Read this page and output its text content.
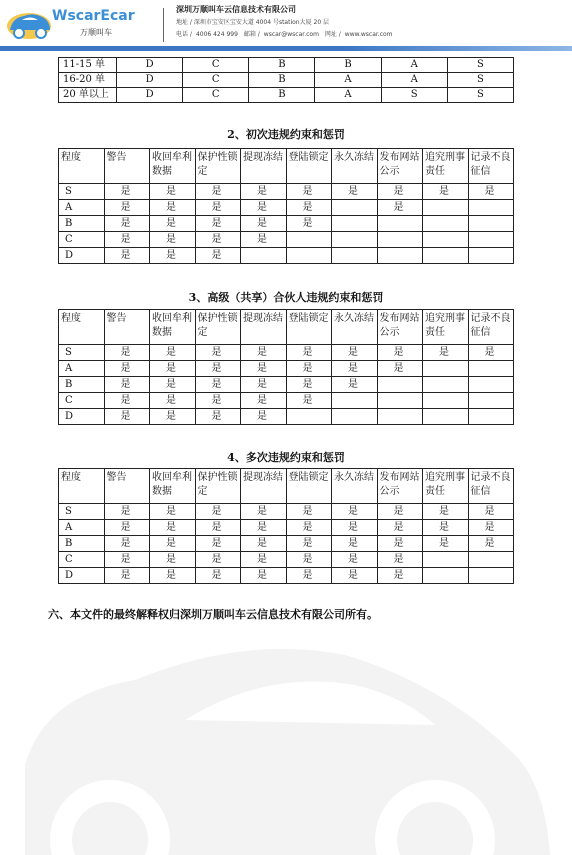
WscarEcar
万顺叫车
深圳万顺叫车云信息技术有限公司
地址 / 深圳市宝安区宝安大道 4004 号station大厦 20 层
电话 / 4006 424 999 邮箱 / wscar@wscar.com 网址 / www.wscar.com
11-15 单	D	C	B	B	A	S
16-20 单	D	C	B	A	A	S
20 单以上	D	C	B	A	S	S
2、初次违规约束和惩罚
程度	警告	收回牟利数据	保护性锁定	提现冻结	登陆锁定	永久冻结	发布网站公示	追究刑事责任	记录不良征信
S	是	是	是	是	是	是	是	是	是
A	是	是	是	是	是		是		
B	是	是	是	是	是				
C	是	是	是	是					
D	是	是	是						
3、高级（共享）合伙人违规约束和惩罚
程度	警告	收回牟利数据	保护性锁定	提现冻结	登陆锁定	永久冻结	发布网站公示	追究刑事责任	记录不良征信
S	是	是	是	是	是	是	是	是	是
A	是	是	是	是	是	是	是		
B	是	是	是	是	是	是			
C	是	是	是	是	是				
D	是	是	是	是					
4、多次违规约束和惩罚
程度	警告	收回牟利数据	保护性锁定	提现冻结	登陆锁定	永久冻结	发布网站公示	追究刑事责任	记录不良征信
S	是	是	是	是	是	是	是	是	是
A	是	是	是	是	是	是	是	是	是
B	是	是	是	是	是	是	是	是	是
C	是	是	是	是	是	是	是		
D	是	是	是	是	是	是	是		
六、本文件的最终解释权归深圳万顺叫车云信息技术有限公司所有。
